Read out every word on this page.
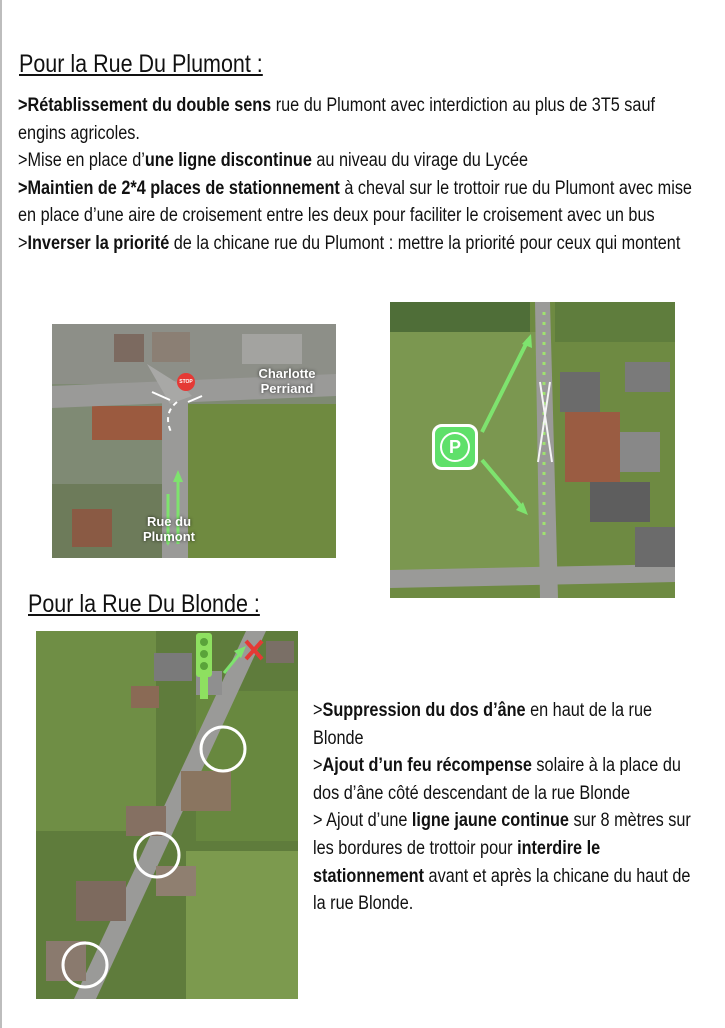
Pour la Rue Du Plumont :

>Rétablissement du double sens rue du Plumont avec interdiction au plus de 3T5 sauf engins agricoles.

>Mise en place d’une ligne discontinue au niveau du virage du Lycée

>Maintien de 2*4 places de stationnement à cheval sur le trottoir rue du Plumont avec mise en place d’une aire de croisement entre les deux pour faciliter le croisement avec un bus

>Inverser la priorité de la chicane rue du Plumont : mettre la priorité pour ceux qui montent

STOP
Charlotte
Perriand
Rue du
Plumont
P
Pour la Rue Du Blonde :

>Suppression du dos d’âne en haut de la rue Blonde

>Ajout d’un feu récompense solaire à la place du dos d’âne côté descendant de la rue Blonde

> Ajout d’une ligne jaune continue sur 8 mètres sur les bordures de trottoir pour interdire le stationnement avant et après la chicane du haut de la rue Blonde.
